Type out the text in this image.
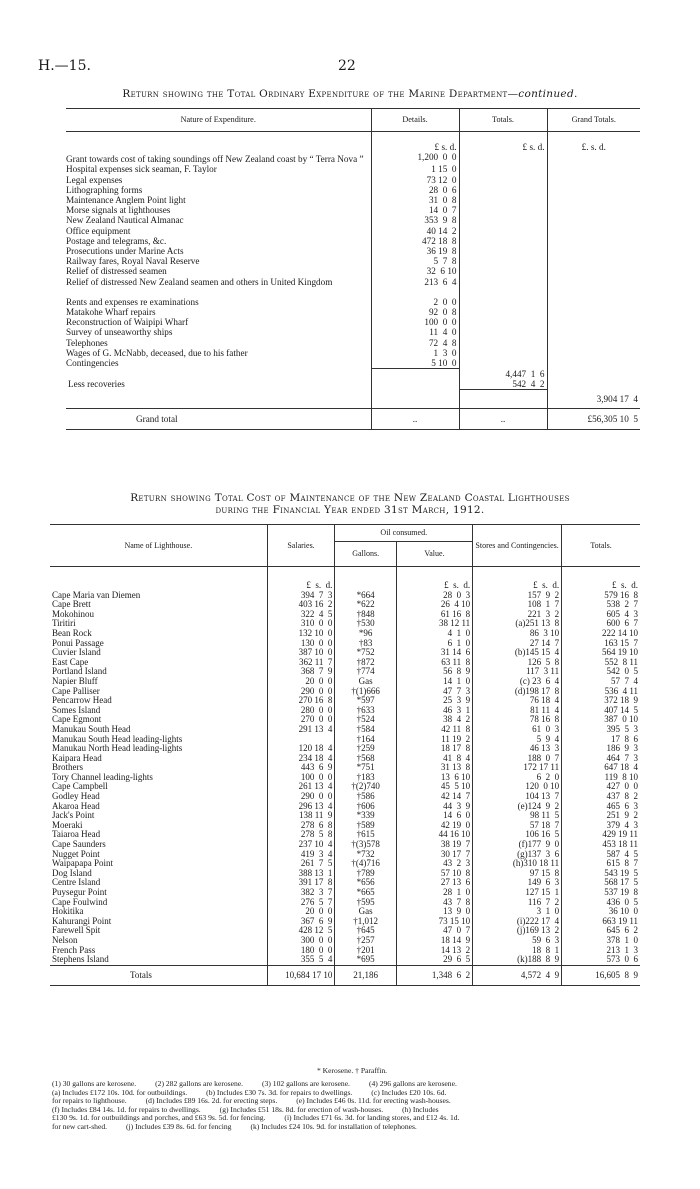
H.—15.	22
Return showing the Total Ordinary Expenditure of the Marine Department—continued.
Nature of Expenditure.	Details.	Totals.	Grand Totals.
	£ s. d.	£ s. d.	£. s. d.
Grant towards cost of taking soundings off New Zealand coast by “ Terra Nova ”	1,200  0  0		
Hospital expenses sick seaman, F. Taylor	1 15  0		
Legal expenses	73 12  0		
Lithographing forms	28  0  6		
Maintenance Anglem Point light	31  0  8		
Morse signals at lighthouses	14  0  7		
New Zealand Nautical Almanac	353  9  8		
Office equipment	40 14  2		
Postage and telegrams, &c.	472 18  8		
Prosecutions under Marine Acts	36 19  8		
Railway fares, Royal Naval Reserve	5  7  8		
Relief of distressed seamen	32  6 10		
Relief of distressed New Zealand seamen and others in United Kingdom	213  6  4		
Rents and expenses re examinations	2  0  0		
Matakohe Wharf repairs	92  0  8		
Reconstruction of Waipipi Wharf	100  0  0		
Survey of unseaworthy ships	11  4  0		
Telephones	72  4  8		
Wages of G. McNabb, deceased, due to his father	1  3  0		
Contingencies	5 10  0		
		4,447  1  6	
Less recoveries		542  4  2	
			3,904 17  4
Grand total	..	..	£56,305 10  5
Return showing Total Cost of Maintenance of the New Zealand Coastal Lighthouses
during the Financial Year ended 31st March, 1912.
Name of Lighthouse.	Salaries.	Oil consumed.		Stores and Contingencies.	Totals.
		Gallons.	Value.		
	£  s.  d.		£  s.  d.	£  s.  d.	£  s.  d.
Cape Maria van Diemen	394  7  3	*664	28  0  3	157  9  2	579 16  8
Cape Brett	403 16  2	*622	26  4 10	108  1  7	538  2  7
Mokohinou	322  4  5	†848	61 16  8	221  3  2	605  4  3
Tiritiri	310  0  0	†530	38 12 11	(a)251 13  8	600  6  7
Bean Rock	132 10  0	*96	4  1  0	86  3 10	222 14 10
Ponui Passage	130  0  0	†83	6  1  0	27 14  7	163 15  7
Cuvier Island	387 10  0	*752	31 14  6	(b)145 15  4	564 19 10
East Cape	362 11  7	†872	63 11  8	126  5  8	552  8 11
Portland Island	368  7  9	†774	56  8  9	117  3 11	542  0  5
Napier Bluff	20  0  0	Gas	14  1  0	(c) 23  6  4	57  7  4
Cape Palliser	290  0  0	†(1)666	47  7  3	(d)198 17  8	536  4 11
Pencarrow Head	270 16  8	*597	25  3  9	76 18  4	372 18  9
Somes Island	280  0  0	†633	46  3  1	81 11  4	407 14  5
Cape Egmont	270  0  0	†524	38  4  2	78 16  8	387  0 10
Manukau South Head	291 13  4	†584	42 11  8	61  0  3	395  5  3
Manukau South Head leading-lights		†164	11 19  2	5  9  4	17  8  6
Manukau North Head leading-lights	120 18  4	†259	18 17  8	46 13  3	186  9  3
Kaipara Head	234 18  4	†568	41  8  4	188  0  7	464  7  3
Brothers	443  6  9	*751	31 13  8	172 17 11	647 18  4
Tory Channel leading-lights	100  0  0	†183	13  6 10	6  2  0	119  8 10
Cape Campbell	261 13  4	†(2)740	45  5 10	120  0 10	427  0  0
Godley Head	290  0  0	†586	42 14  7	104 13  7	437  8  2
Akaroa Head	296 13  4	†606	44  3  9	(e)124  9  2	465  6  3
Jack's Point	138 11  9	*339	14  6  0	98 11  5	251  9  2
Moeraki	278  6  8	†589	42 19  0	57 18  7	379  4  3
Taiaroa Head	278  5  8	†615	44 16 10	106 16  5	429 19 11
Cape Saunders	237 10  4	†(3)578	38 19  7	(f)177  9  0	453 18 11
Nugget Point	419  3  4	*732	30 17  7	(g)137  3  6	587  4  5
Waipapapa Point	261  7  5	†(4)716	43  2  3	(h)310 18 11	615  8  7
Dog Island	388 13  1	†789	57 10  8	97 15  8	543 19  5
Centre Island	391 17  8	*656	27 13  6	149  6  3	568 17  5
Puysegur Point	382  3  7	*665	28  1  0	127 15  1	537 19  8
Cape Foulwind	276  5  7	†595	43  7  8	116  7  2	436  0  5
Hokitika	20  0  0	Gas	13  9  0	3  1  0	36 10  0
Kahurangi Point	367  6  9	†1,012	73 15 10	(i)222 17  4	663 19 11
Farewell Spit	428 12  5	†645	47  0  7	(j)169 13  2	645  6  2
Nelson	300  0  0	†257	18 14  9	59  6  3	378  1  0
French Pass	180  0  0	†201	14 13  2	18  8  1	213  1  3
Stephens Island	355  5  4	*695	29  6  5	(k)188  8  9	573  0  6
Totals	10,684 17 10	21,186	1,348  6  2	4,572  4  9	16,605  8  9
* Kerosene. † Paraffin.
(1) 30 gallons are kerosene.          (2) 282 gallons are kerosene.          (3) 102 gallons are kerosene.          (4) 296 gallons are kerosene.
(a) Includes £172 10s. 10d. for outbuildings.          (b) Includes £30 7s. 3d. for repairs to dwellings.          (c) Includes £20 10s. 6d.
for repairs to lighthouse.          (d) Includes £89 16s. 2d. for erecting steps.          (e) Includes £46 0s. 11d. for erecting wash-houses.
(f) Includes £84 14s. 1d. for repairs to dwellings.          (g) Includes £51 18s. 8d. for erection of wash-houses.          (h) Includes
£130 9s. 1d. for outbuildings and porches, and £63 9s. 5d. for fencing.          (i) Includes £71 6s. 3d. for landing stores, and £12 4s. 1d.
for new cart-shed.          (j) Includes £39 8s. 6d. for fencing          (k) Includes £24 10s. 9d. for installation of telephones.
